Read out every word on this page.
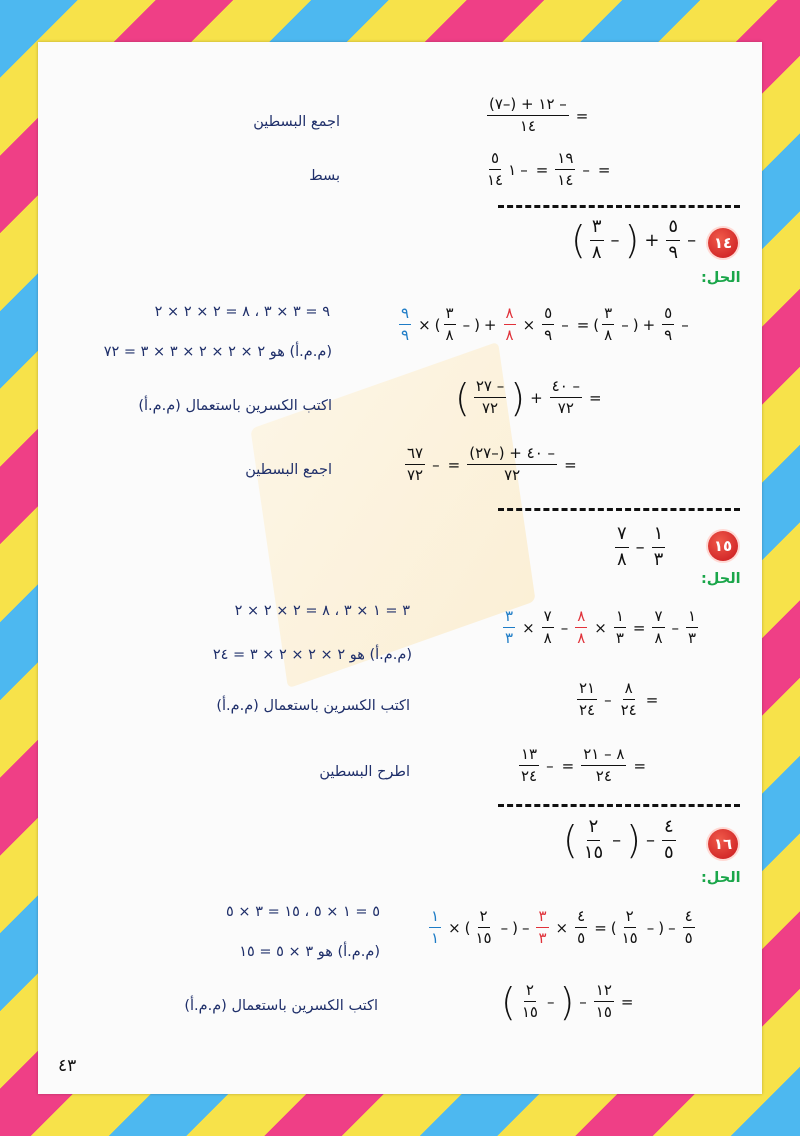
=
$\frac{- ١٢ + (-٧)}{١٤}$
اجمع البسطين
=
–
$\frac{١٩}{١٤}$
=
–
١
$\frac{٥}{١٤}$
بسط
١٤
–
$\frac{٥}{٩}$
+
(
–
$\frac{٣}{٨}$
)
الحل:
٩ = ٣ × ٣ ، ٨ = ٢ × ٢ × ٢
(م.م.أ) هو ٢ × ٢ × ٢ × ٣ × ٣ = ٧٢
–
$\frac{٥}{٩}$
+
(
–
$\frac{٣}{٨}$
)
=
–
$\frac{٥}{٩}$
×
$\frac{٨}{٨}$
+
(
–
$\frac{٣}{٨}$
)
×
$\frac{٩}{٩}$
=
$\frac{- ٤٠}{٧٢}$
+
(
$\frac{- ٢٧}{٧٢}$
)
اكتب الكسرين باستعمال (م.م.أ)
=
$\frac{- ٤٠ + (-٢٧)}{٧٢}$
=
–
$\frac{٦٧}{٧٢}$
اجمع البسطين
١٥
$\frac{١}{٣}$
–
$\frac{٧}{٨}$
الحل:
٣ = ١ × ٣ ، ٨ = ٢ × ٢ × ٢
(م.م.أ) هو ٢ × ٢ × ٢ × ٣ = ٢٤
$\frac{١}{٣}$
–
$\frac{٧}{٨}$
=
$\frac{١}{٣}$
×
$\frac{٨}{٨}$
–
$\frac{٧}{٨}$
×
$\frac{٣}{٣}$
=
$\frac{٨}{٢٤}$
–
$\frac{٢١}{٢٤}$
اكتب الكسرين باستعمال (م.م.أ)
=
$\frac{٨ - ٢١}{٢٤}$
=
–
$\frac{١٣}{٢٤}$
اطرح البسطين
١٦
$\frac{٤}{٥}$
–
(
–
$\frac{٢}{١٥}$
)
الحل:
٥ = ١ × ٥ ، ١٥ = ٣ × ٥
(م.م.أ) هو ٣ × ٥ = ١٥
$\frac{٤}{٥}$
–
(
–
$\frac{٢}{١٥}$
)
=
$\frac{٤}{٥}$
×
$\frac{٣}{٣}$
–
(
–
$\frac{٢}{١٥}$
)
×
$\frac{١}{١}$
=
$\frac{١٢}{١٥}$
–
(
–
$\frac{٢}{١٥}$
)
اكتب الكسرين باستعمال (م.م.أ)
٤٣
